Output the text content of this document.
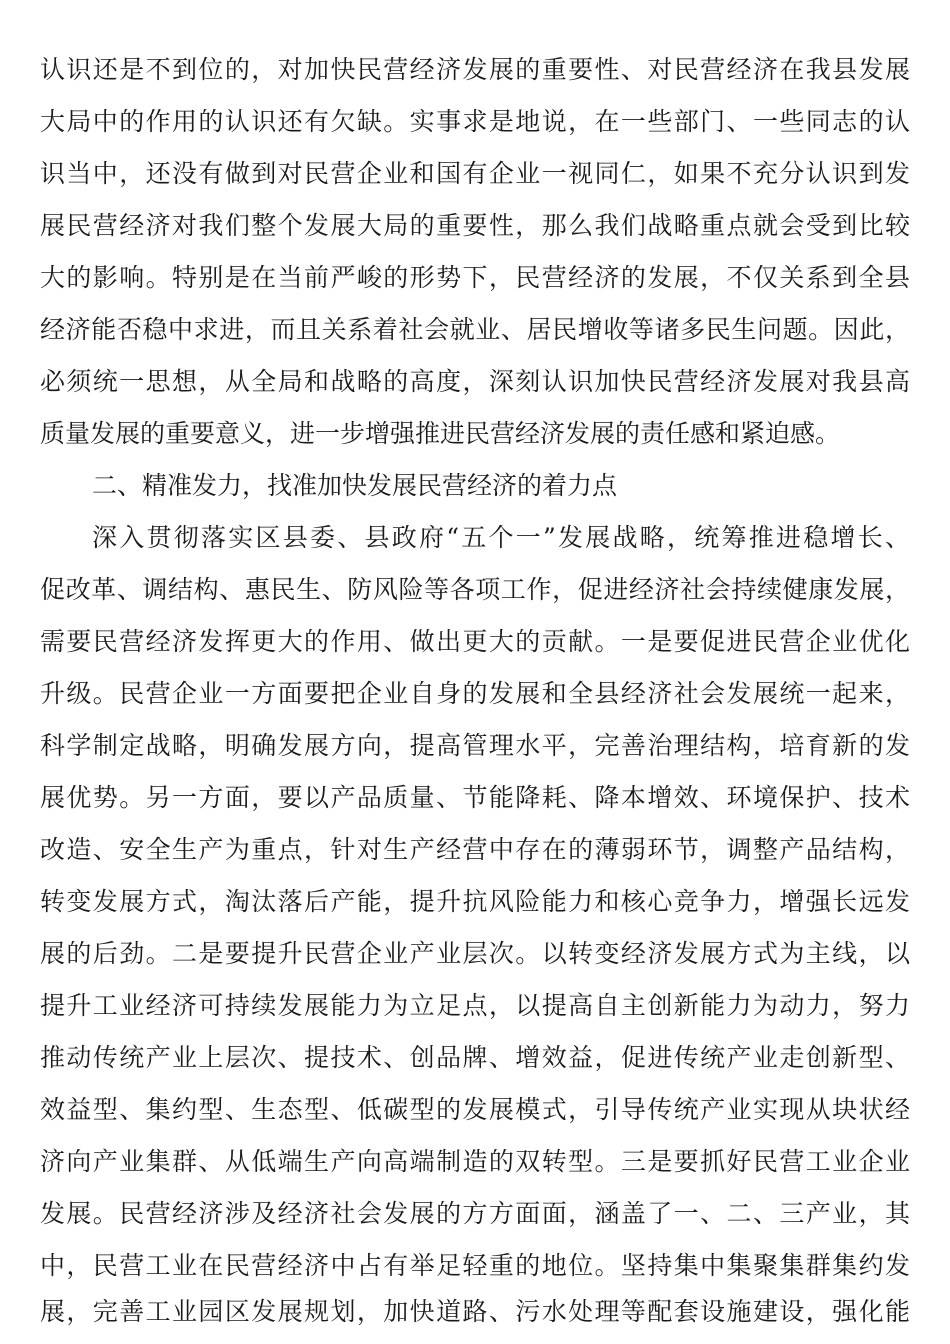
认识还是不到位的，对加快民营经济发展的重要性、对民营经济在我县发展
大局中的作用的认识还有欠缺。实事求是地说，在一些部门、一些同志的认
识当中，还没有做到对民营企业和国有企业一视同仁，如果不充分认识到发
展民营经济对我们整个发展大局的重要性，那么我们战略重点就会受到比较
大的影响。特别是在当前严峻的形势下，民营经济的发展，不仅关系到全县
经济能否稳中求进，而且关系着社会就业、居民增收等诸多民生问题。因此，
必须统一思想，从全局和战略的高度，深刻认识加快民营经济发展对我县高
质量发展的重要意义，进一步增强推进民营经济发展的责任感和紧迫感。
二、精准发力，找准加快发展民营经济的着力点
深入贯彻落实区县委、县政府“五个一”发展战略，统筹推进稳增长、
促改革、调结构、惠民生、防风险等各项工作，促进经济社会持续健康发展，
需要民营经济发挥更大的作用、做出更大的贡献。一是要促进民营企业优化
升级。民营企业一方面要把企业自身的发展和全县经济社会发展统一起来，
科学制定战略，明确发展方向，提高管理水平，完善治理结构，培育新的发
展优势。另一方面，要以产品质量、节能降耗、降本增效、环境保护、技术
改造、安全生产为重点，针对生产经营中存在的薄弱环节，调整产品结构，
转变发展方式，淘汰落后产能，提升抗风险能力和核心竞争力，增强长远发
展的后劲。二是要提升民营企业产业层次。以转变经济发展方式为主线，以
提升工业经济可持续发展能力为立足点，以提高自主创新能力为动力，努力
推动传统产业上层次、提技术、创品牌、增效益，促进传统产业走创新型、
效益型、集约型、生态型、低碳型的发展模式，引导传统产业实现从块状经
济向产业集群、从低端生产向高端制造的双转型。三是要抓好民营工业企业
发展。民营经济涉及经济社会发展的方方面面，涵盖了一、二、三产业，其
中，民营工业在民营经济中占有举足轻重的地位。坚持集中集聚集群集约发
展，完善工业园区发展规划，加快道路、污水处理等配套设施建设，强化能
